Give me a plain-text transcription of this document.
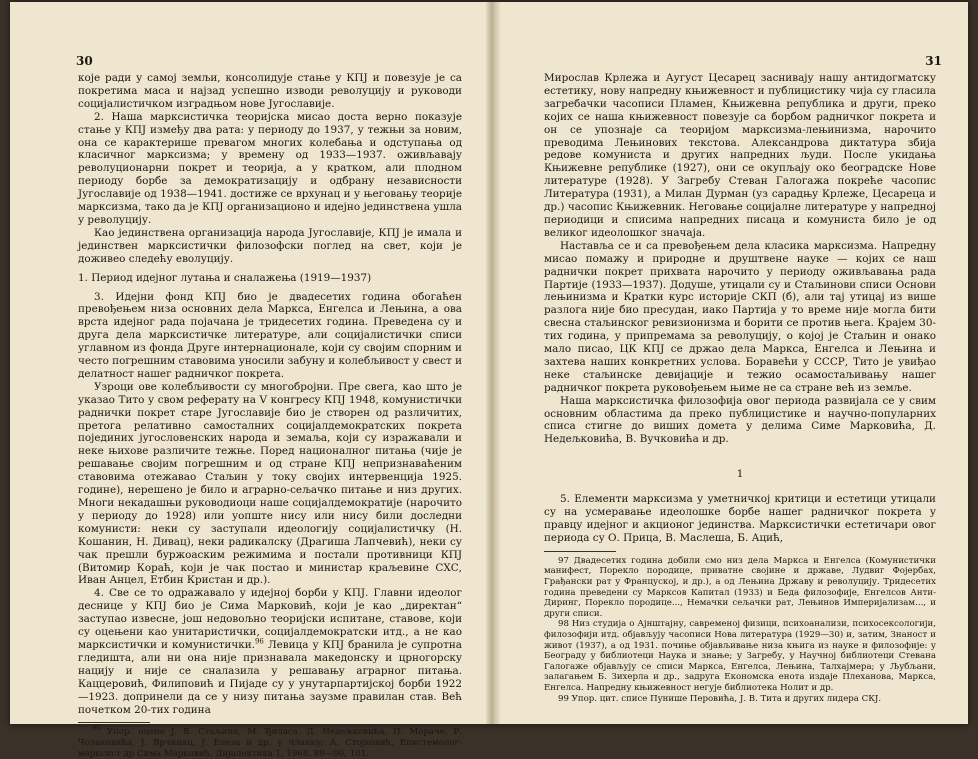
30

које ради у самој земљи, консолидује стање у КПЈ и повезује је са покретима маса и најзад успешно изводи револуцију и руководи социјалистичком изградњом нове Југославије.

2. Наша марксистичка теоријска мисао доста верно показује стање у КПЈ између два рата: у периоду до 1937, у тежњи за новим, она се карактерише превагом многих колебања и одступања од класичног марксизма; у времену од 1933—1937. оживљавају револуционарни покрет и теорија, а у кратком, али плодном периоду борбе за демократизацију и одбрану независности Југославије од 1938—1941. достиже се врхунац и у његовању теорије марксизма, тако да је КПЈ организационо и идејно јединствена ушла у револуцију.

Као јединствена организација народа Југославије, КПЈ је имала и јединствен марксистички филозофски поглед на свет, који је доживео следећу еволуцију.

1. Период идејног лутања и сналажења (1919—1937)

3. Идејни фонд КПЈ био је двадесетих година обогаћен превођењем низа основних дела Маркса, Енгелса и Лењина, а ова врста идејног рада појачана је тридесетих година. Преведена су и друга дела марксистичке литературе, али социјалистички списи углавном из фонда Друге интернационале, који су својим спорним и често погрешним ставовима уносили забуну и колебљивост у свест и делатност нашег радничког покрета.

Узроци ове колебљивости су многобројни. Пре свега, као што је указао Тито у свом реферату на V конгресу КПЈ 1948, комунистички раднички покрет старе Југославије био је створен од различитих, претога релативно самосталних социјалдемократских покрета појединих југословенских народа и земаља, који су изражавали и неке њихове различите тежње. Поред националног питања (чије је решавање својим погрешним и од стране КПЈ непризнаваћеним ставовима отежавао Стаљин у току својих интервенција 1925. године), нерешено је било и аграрно-сељачко питање и низ других. Многи некадашњи руководиоци наше социјалдемократије (нарочито у периоду до 1928) или уопште нису или нису били доследни комунисти: неки су заступали идеологију социјалистичку (Н. Кошанин, Н. Дивац), неки радикалску (Драгиша Лапчевић), неки су чак прешли буржоаским режимима и постали противници КПЈ (Витомир Кораћ, који је чак постао и министар краљевине СХС, Иван Анцел, Етбин Кристан и др.).

4. Све се то одражавало у идејној борби у КПЈ. Главни идеолог деснице у КПЈ био је Сима Марковић, који је као „директан“ заступао извесне, још недовољно теоријски испитане, ставове, који су оцењени као унитаристички, социјалдемократски итд., а не као марксистички и комунистички.$^{96}$ Левица у КПЈ бранила је супротна гледишта, али ни она није признавала македонску и црногорску нацију и није се сналазила у решавању аграрног питања. Каццеровић, Филиповић и Пијаде су у унутарпартијској борби 1922—1923. допринели да се у низу питања заузме правилан став. Већ почетком 20-тих година

$^{96}$ Упор. оцене Ј. В. Стаљина, М. Ђиласа, Д. Недељковића, П. Мораче, Р. Чолаковића, Ј. Врчинац, Ј. Елеза и др. у чланку: А. Стојковић, Епистемолог-марксист др Сима Марковић, Дијалектика 1, 1968, 89—90, 101.

31

Мирослав Крлежа и Аугуст Цесарец засниваjу нашу антидогматску естетику, нову напредну књижевност и публицистику чија су гласила загребачки часописи Пламен, Књижевна република и други, преко којих се наша књижевност повезује са борбом радничког покрета и он се упознаје са теоријом марксизма-лењинизма, нарочито преводима Лењинових текстова. Александрова диктатура збија редове комуниста и других напредних људи. После укидања Књижевне републике (1927), они се окупљају око београдске Нове литературе (1928). У Загребу Стеван Галогажа покреће часопис Литература (1931), а Милан Дурман (уз сарадњу Крлеже, Цесареца и др.) часопис Књижевник. Неговање социјалне литературе у напредној периодици и списима напредних писаца и комуниста било је од великог идеолошког значаја.

Настављa се и са превођењем дела класика марксизма. Напредну мисао помажу и природне и друштвене науке — којих се наш раднички покрет прихвата нарочито у периоду оживљавања рада Партије (1933—1937). Додуше, утицали су и Стаљинови списи Основи лењинизма и Кратки курс историје СКП (б), али тај утицај из више разлога није био пресудан, иако Партија у то време није могла бити свесна стаљинског ревизионизма и борити се против њега. Крајем 30-тих година, у припремама за револуцију, о којој је Стаљин и онако мало писао, ЦК КПЈ се држао дела Маркса, Енгелса и Лењина и захтева наших конкретних услова. Боравећи у СССР, Тито је увиђао неке стаљинске девијације и тежио осамостаљивању нашег радничког покрета руковођењем њиме не са стране већ из земље.

Наша марксистичка филозофија овог периода развијала се у свим основним областима да преко публицистике и научно-популарних списа стигне до виших домета у делима Симе Марковића, Д. Недељковића, В. Вучковића и др.

1

5. Елементи марксизма у уметничкој критици и естетици утицали су на усмеравање идеолошке борбе нашег радничког покрета у правцу идејног и акционог јединства. Марксистички естетичари овог периода су О. Прица, В. Маслеша, Б. Ацић,

97 Двадесетих година добили смо низ дела Маркса и Енгелса (Комунистички манифест, Порекло породице, приватне својине и државе, Лудвиг Фојербах, Грађански рат у Француској, и др.), а од Лењина Државу и револуцију. Тридесетих година преведени су Марксов Капитал (1933) и Беда филозофије, Енгелсов Анти-Диринг, Порекло породице..., Немачки сељачки рат, Лењинов Империјализам..., и други списи.

98 Низ студија о Ајнштајну, савременој физици, психоанализи, психосексологији, филозофији итд. објављују часописи Нова литература (1929—30) и, затим, Знаност и живот (1937), а од 1931. почиње објављивање низа књига из науке и филозофије: у Београду у библиотеци Наука и знање; у Загребу, у Научној библиотеци Стевана Галогаже објављују се списи Маркса, Енгелса, Лењина, Талхајмера; у Љубљани, залагањем Б. Зихерла и др., задруга Економска енота издаје Плеханова, Маркса, Енгелса. Напредну књижевност негује библиотека Нолит и др.

99 Упор. цит. списе Пунише Перовића, Ј. В. Тита и других лидера СКЈ.
